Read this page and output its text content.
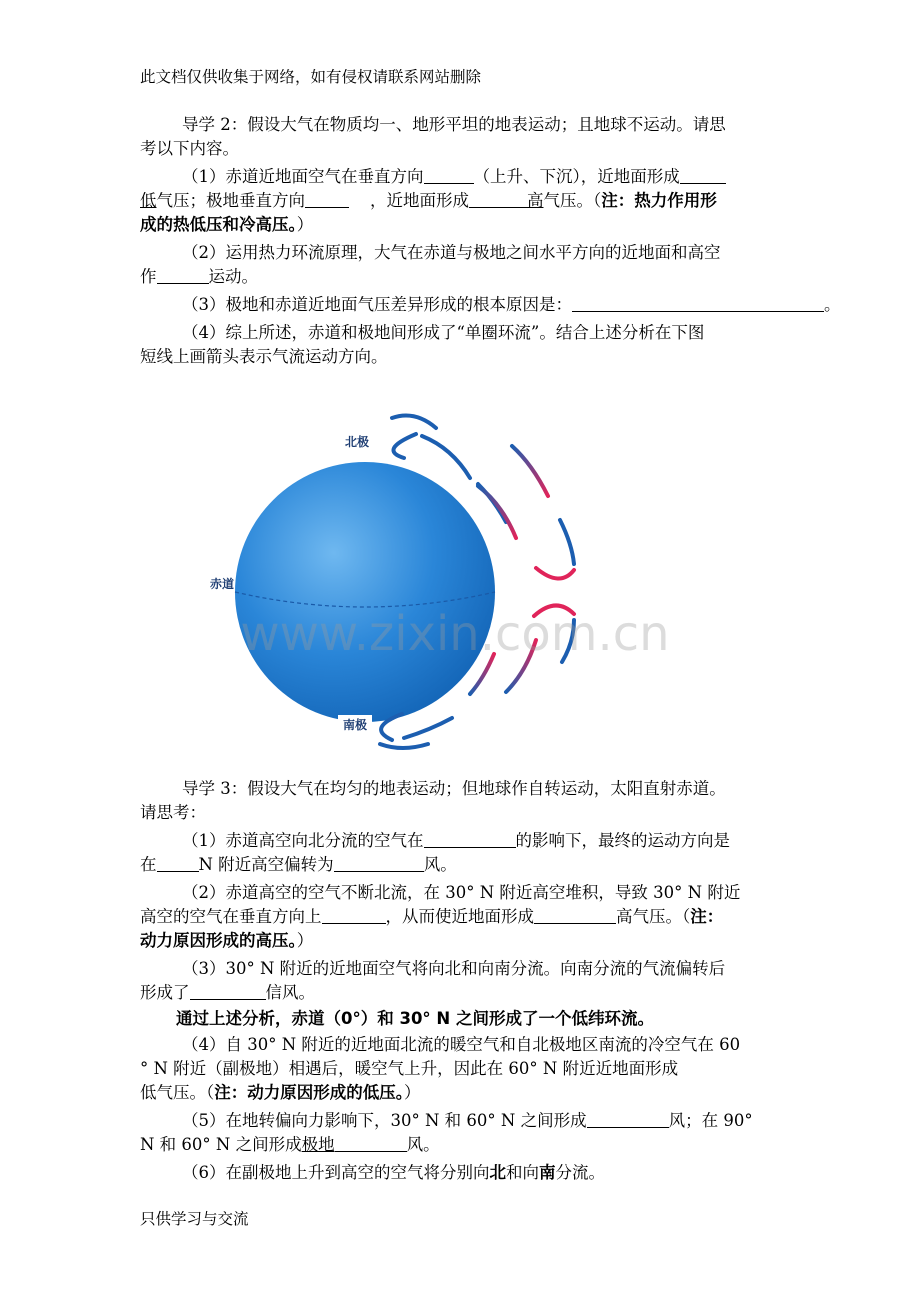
此文档仅供收集于网络，如有侵权请联系网站删除
导学 2：假设大气在物质均一、地形平坦的地表运动；且地球不运动。请思
考以下内容。
（1）赤道近地面空气在垂直方向	（上升、下沉），近地面形成
低气压；极地垂直方向	，近地面形成	高气压。（注：热力作用形
成的热低压和冷高压。）
（2）运用热力环流原理，大气在赤道与极地之间水平方向的近地面和高空
作	运动。
（3）极地和赤道近地面气压差异形成的根本原因是：	。
（4）综上所述，赤道和极地间形成了“单圈环流”。结合上述分析在下图
短线上画箭头表示气流运动方向。
北极
赤道
南极
www.zixin.com.cn
导学 3：假设大气在均匀的地表运动；但地球作自转运动，太阳直射赤道。
请思考：
（1）赤道高空向北分流的空气在	的影响下，最终的运动方向是
在	N 附近高空偏转为	风。
（2）赤道高空的空气不断北流，在 30° N 附近高空堆积，导致 30° N 附近
高空的空气在垂直方向上	，从而使近地面形成	高气压。（注：
动力原因形成的高压。）
（3）30° N 附近的近地面空气将向北和向南分流。向南分流的气流偏转后
形成了	信风。
通过上述分析，赤道（0°）和 30° N 之间形成了一个低纬环流。
（4）自 30° N 附近的近地面北流的暖空气和自北极地区南流的冷空气在 60
° N 附近（副极地）相遇后，暖空气上升，因此在 60° N 附近近地面形成
低气压。（注：动力原因形成的低压。）
（5）在地转偏向力影响下，30° N 和 60° N 之间形成	风；在 90°
N 和 60° N 之间形成极地	风。
（6）在副极地上升到高空的空气将分别向北和向南分流。
只供学习与交流
